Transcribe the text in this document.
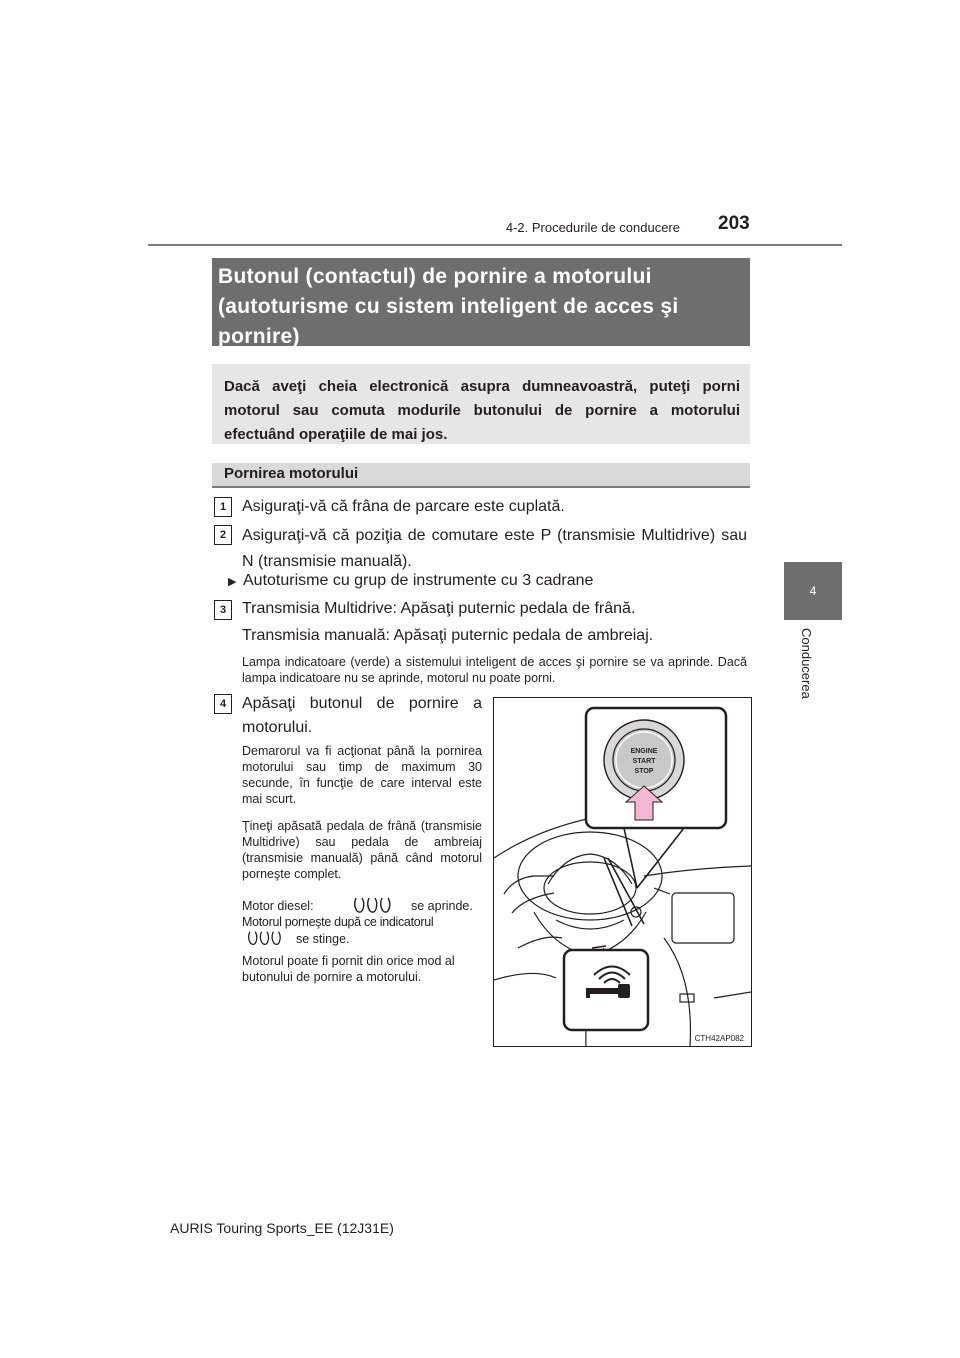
4-2. Procedurile de conducere 203
4
Conducerea
Butonul (contactul) de pornire a motorului
(autoturisme cu sistem inteligent de acces şi
pornire)
Dacă aveţi cheia electronică asupra dumneavoastră, puteţi porni motorul sau comuta modurile butonului de pornire a motorului efectuând operaţiile de mai jos.
Pornirea motorului
1 Asiguraţi-vă că frâna de parcare este cuplată.
2 Asiguraţi-vă că poziţia de comutare este P (transmisie Multidrive) sau N (transmisie manuală).
▶ Autoturisme cu grup de instrumente cu 3 cadrane
3 Transmisia Multidrive: Apăsaţi puternic pedala de frână.
Transmisia manuală: Apăsaţi puternic pedala de ambreiaj.
Lampa indicatoare (verde) a sistemului inteligent de acces şi pornire se va aprinde. Dacă lampa indicatoare nu se aprinde, motorul nu poate porni.
4 Apăsaţi butonul de pornire a motorului.
Demarorul va fi acţionat până la pornirea motorului sau timp de maximum 30 secunde, în funcţie de care interval este mai scurt.
Ţineţi apăsată pedala de frână (transmisie Multidrive) sau pedala de ambreiaj (transmisie manuală) până când motorul porneşte complet.
Motor diesel:	se aprinde.
Motorul porneşte după ce indicatorul
se stinge.
Motorul poate fi pornit din orice mod al butonului de pornire a motorului.
ENGINE
START
STOP
CTH42AP082
AURIS Touring Sports_EE (12J31E)
